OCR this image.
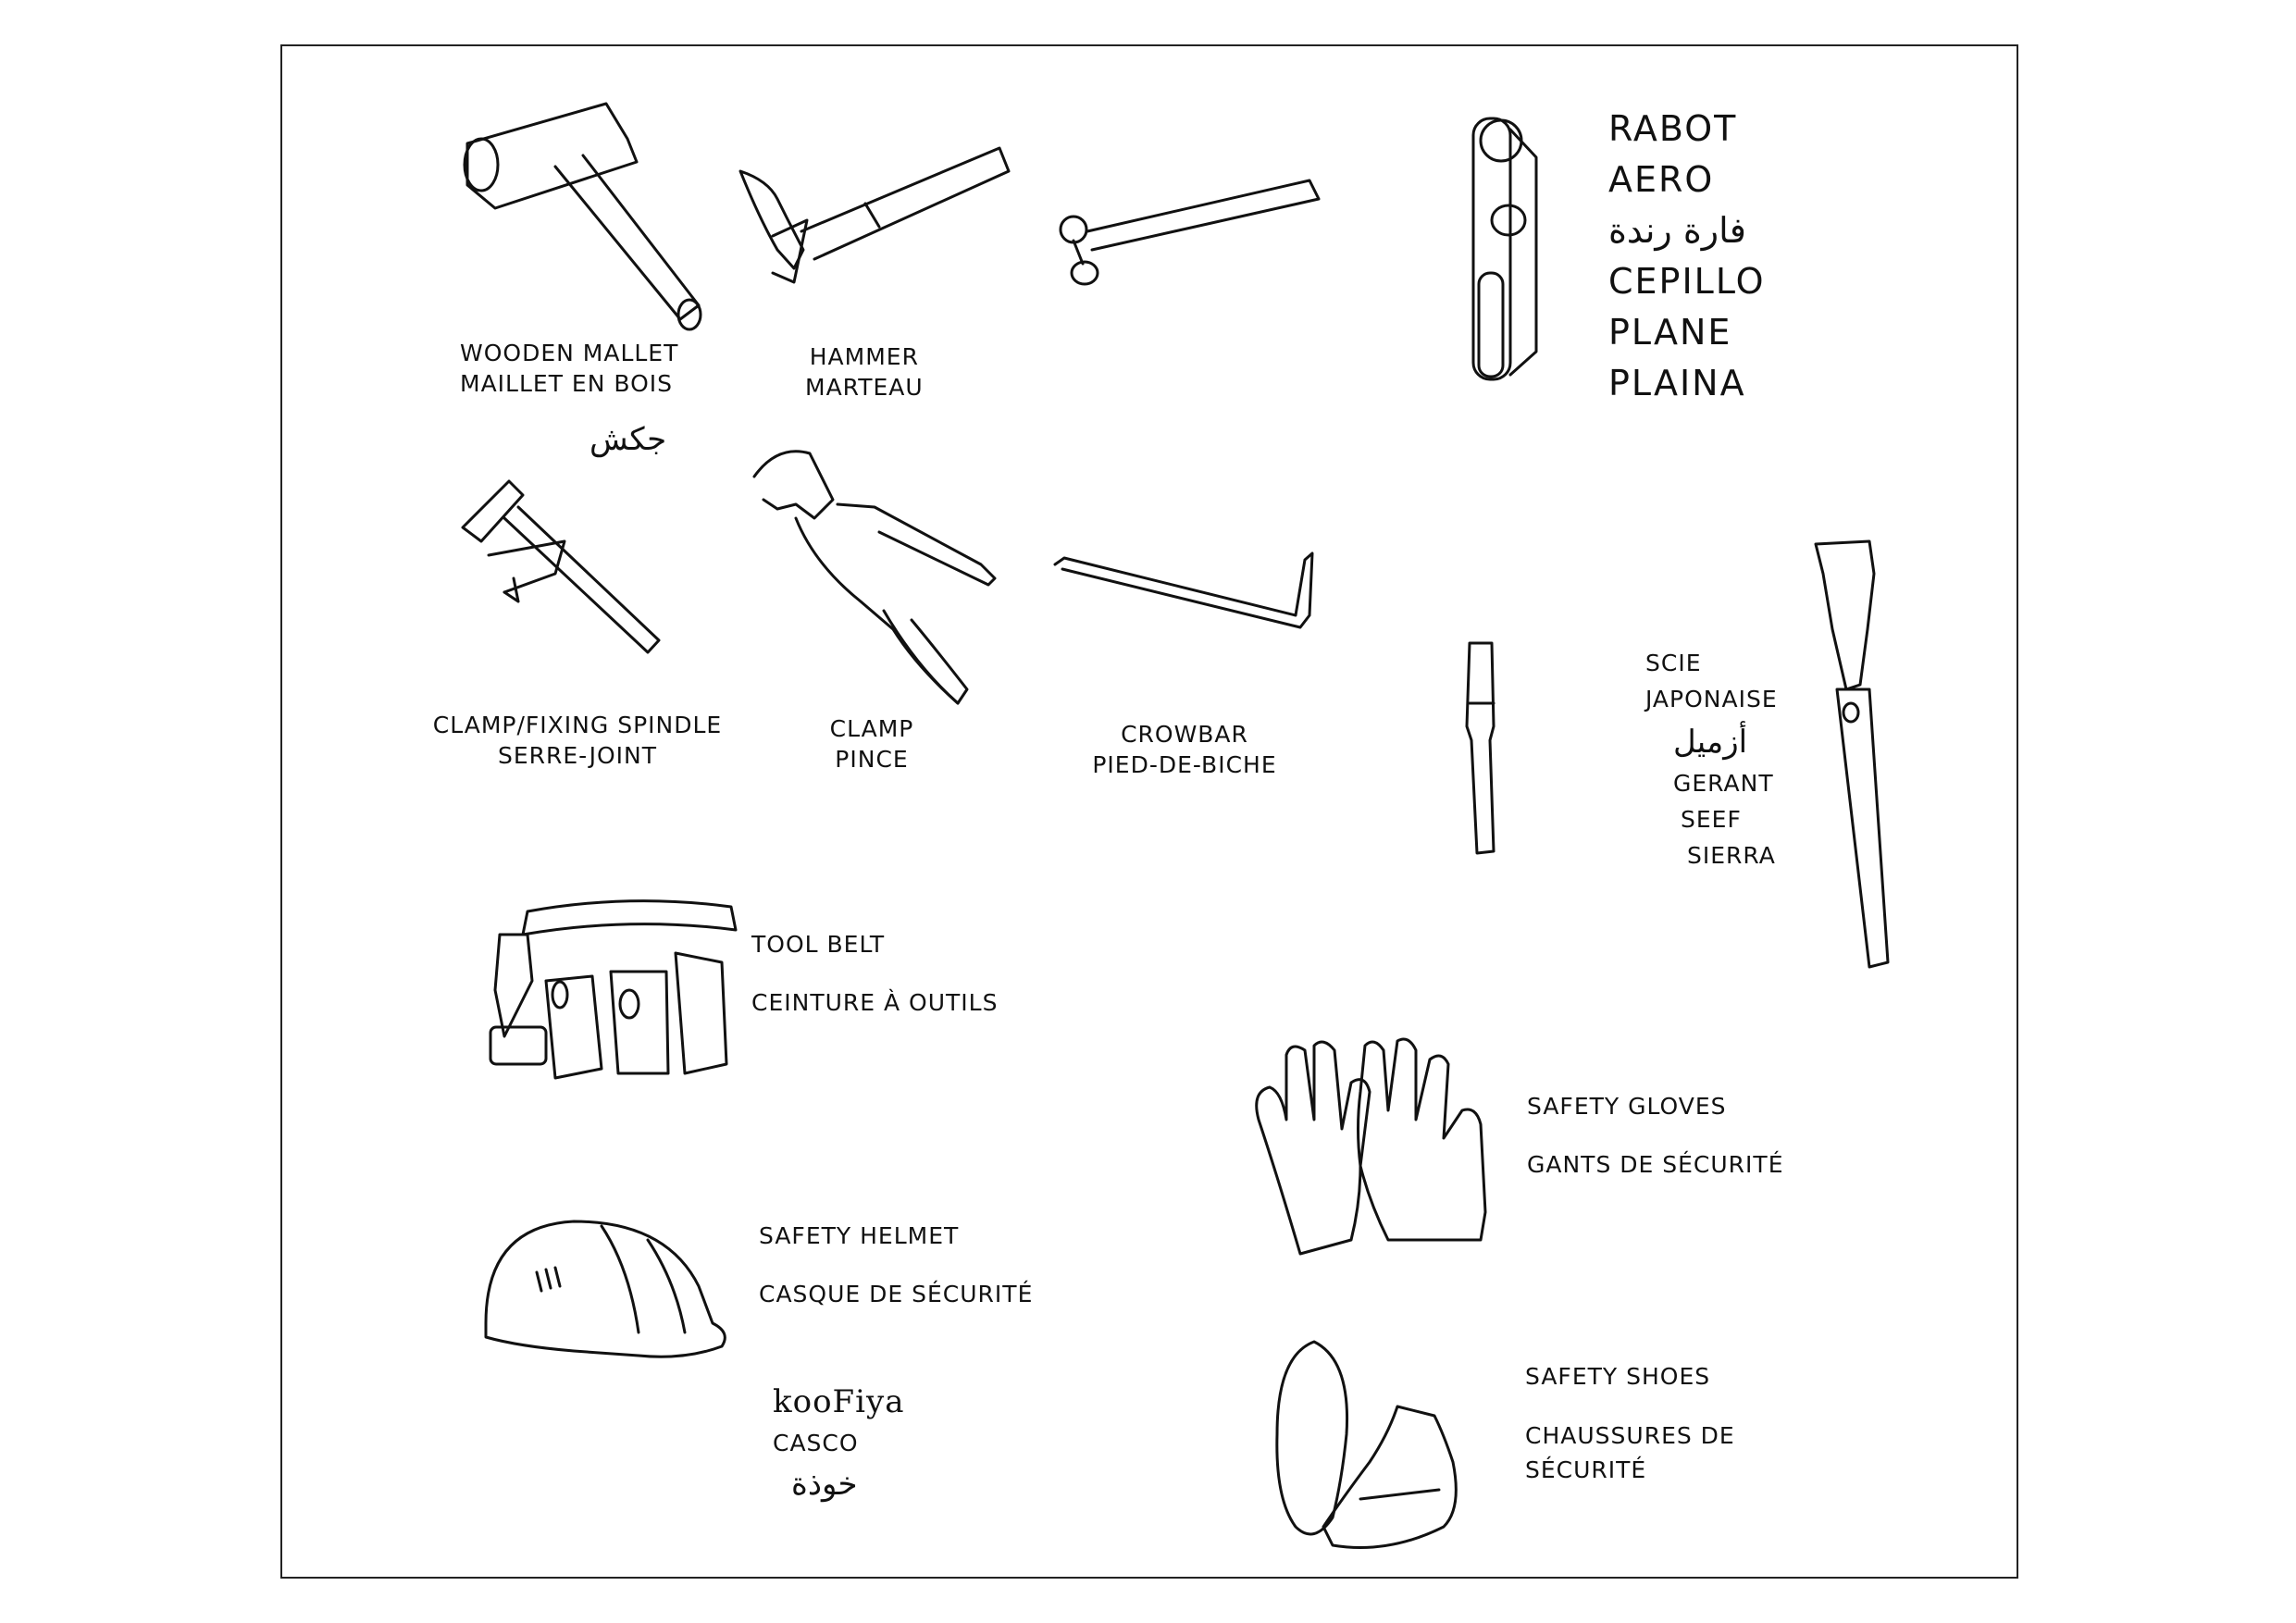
WOODEN MALLET
MAILLET EN BOIS
جكش
HAMMER
MARTEAU
RABOT
AERO
فارة رندة
CEPILLO
PLANE
PLAINA
CLAMP/FIXING SPINDLE
SERRE-JOINT
CLAMP
PINCE
CROWBAR
PIED-DE-BICHE
SCIE
JAPONAISE
أزميل
GERANT
SEEF
SIERRA
TOOL BELT
CEINTURE À OUTILS
SAFETY GLOVES
GANTS DE SÉCURITÉ
SAFETY HELMET
CASQUE DE SÉCURITÉ
kooFiya
CASCO
خوذة
SAFETY SHOES
CHAUSSURES DE SÉCURITÉ
